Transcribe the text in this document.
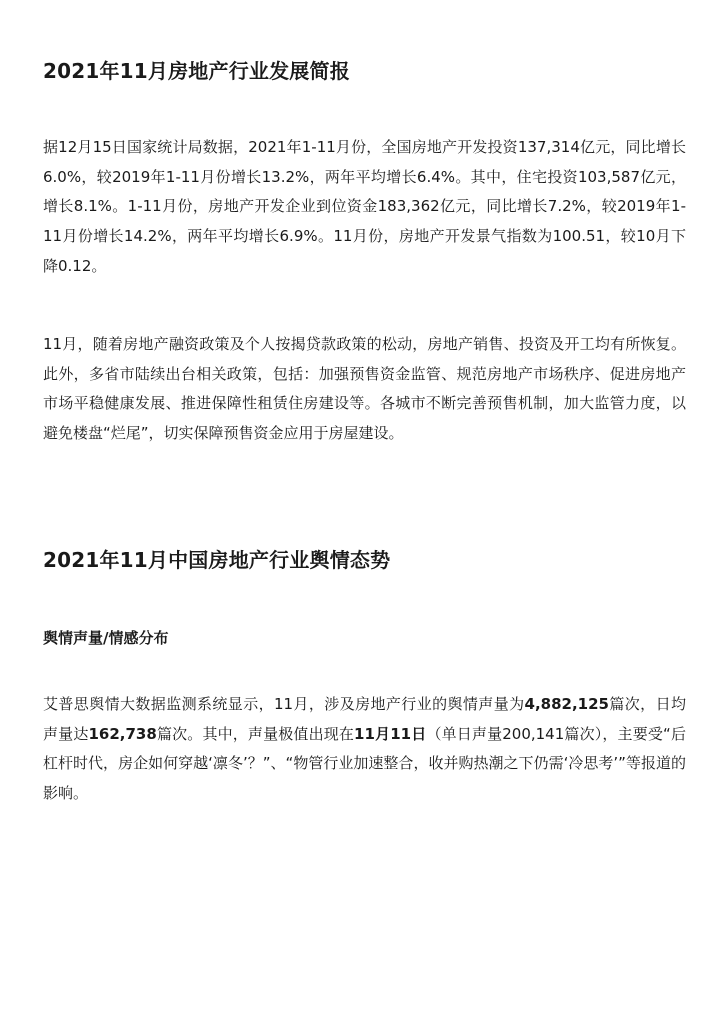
2021年11月房地产行业发展简报

据12月15日国家统计局数据，2021年1-11月份，全国房地产开发投资137,314亿元，同比增长6.0%，较2019年1-11月份增长13.2%，两年平均增长6.4%。其中，住宅投资103,587亿元，增长8.1%。1-11月份，房地产开发企业到位资金183,362亿元，同比增长7.2%，较2019年1-11月份增长14.2%，两年平均增长6.9%。11月份，房地产开发景气指数为100.51，较10月下降0.12。

11月，随着房地产融资政策及个人按揭贷款政策的松动，房地产销售、投资及开工均有所恢复。此外，多省市陆续出台相关政策，包括：加强预售资金监管、规范房地产市场秩序、促进房地产市场平稳健康发展、推进保障性租赁住房建设等。各城市不断完善预售机制，加大监管力度，以避免楼盘“烂尾”，切实保障预售资金应用于房屋建设。

2021年11月中国房地产行业舆情态势
舆情声量/情感分布

艾普思舆情大数据监测系统显示，11月，涉及房地产行业的舆情声量为4,882,125篇次，日均声量达162,738篇次。其中，声量极值出现在11月11日（单日声量200,141篇次），主要受“后杠杆时代，房企如何穿越‘凛冬’？”、“物管行业加速整合，收并购热潮之下仍需‘冷思考’”等报道的影响。
